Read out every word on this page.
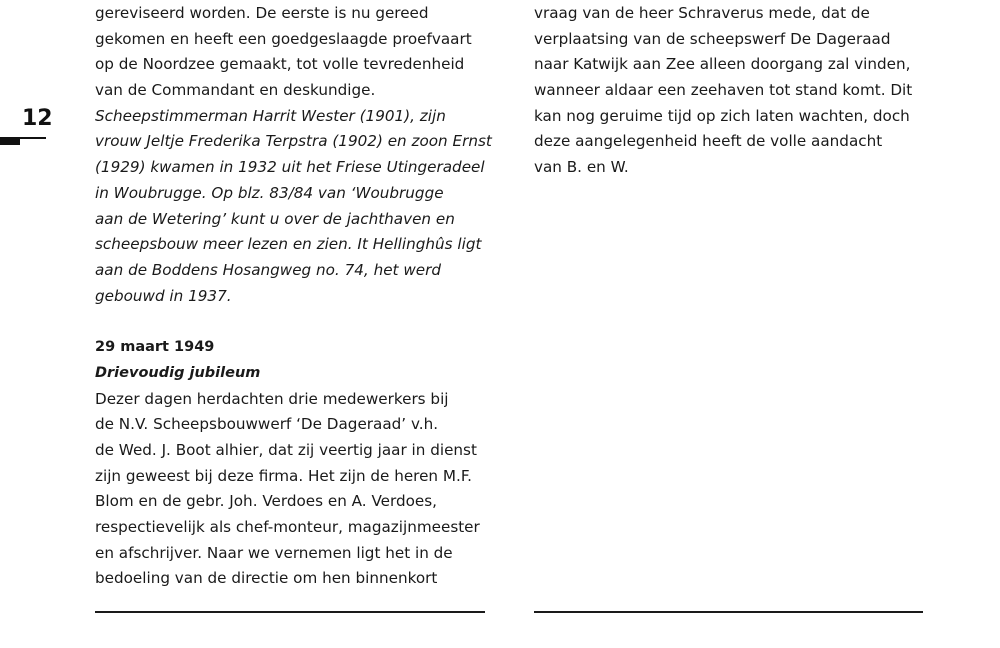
12
gereviseerd worden. De eerste is nu gereed
gekomen en heeft een goedgeslaagde proefvaart
op de Noordzee gemaakt, tot volle tevredenheid
van de Commandant en deskundige.
Scheepstimmerman Harrit Wester (1901), zijn
vrouw Jeltje Frederika Terpstra (1902) en zoon Ernst
(1929) kwamen in 1932 uit het Friese Utingeradeel
in Woubrugge. Op blz. 83/84 van ‘Woubrugge
aan de Wetering’ kunt u over de jachthaven en
scheepsbouw meer lezen en zien. It Hellinghûs ligt
aan de Boddens Hosangweg no. 74, het werd
gebouwd in 1937.
29 maart 1949
Drievoudig jubileum
Dezer dagen herdachten drie medewerkers bij
de N.V. Scheepsbouwwerf ‘De Dageraad’ v.h.
de Wed. J. Boot alhier, dat zij veertig jaar in dienst
zijn geweest bij deze firma. Het zijn de heren M.F.
Blom en de gebr. Joh. Verdoes en A. Verdoes,
respectievelijk als chef-monteur, magazijnmeester
en afschrijver. Naar we vernemen ligt het in de
bedoeling van de directie om hen binnenkort
vraag van de heer Schraverus mede, dat de
verplaatsing van de scheepswerf De Dageraad
naar Katwijk aan Zee alleen doorgang zal vinden,
wanneer aldaar een zeehaven tot stand komt. Dit
kan nog geruime tijd op zich laten wachten, doch
deze aangelegenheid heeft de volle aandacht
van B. en W.
